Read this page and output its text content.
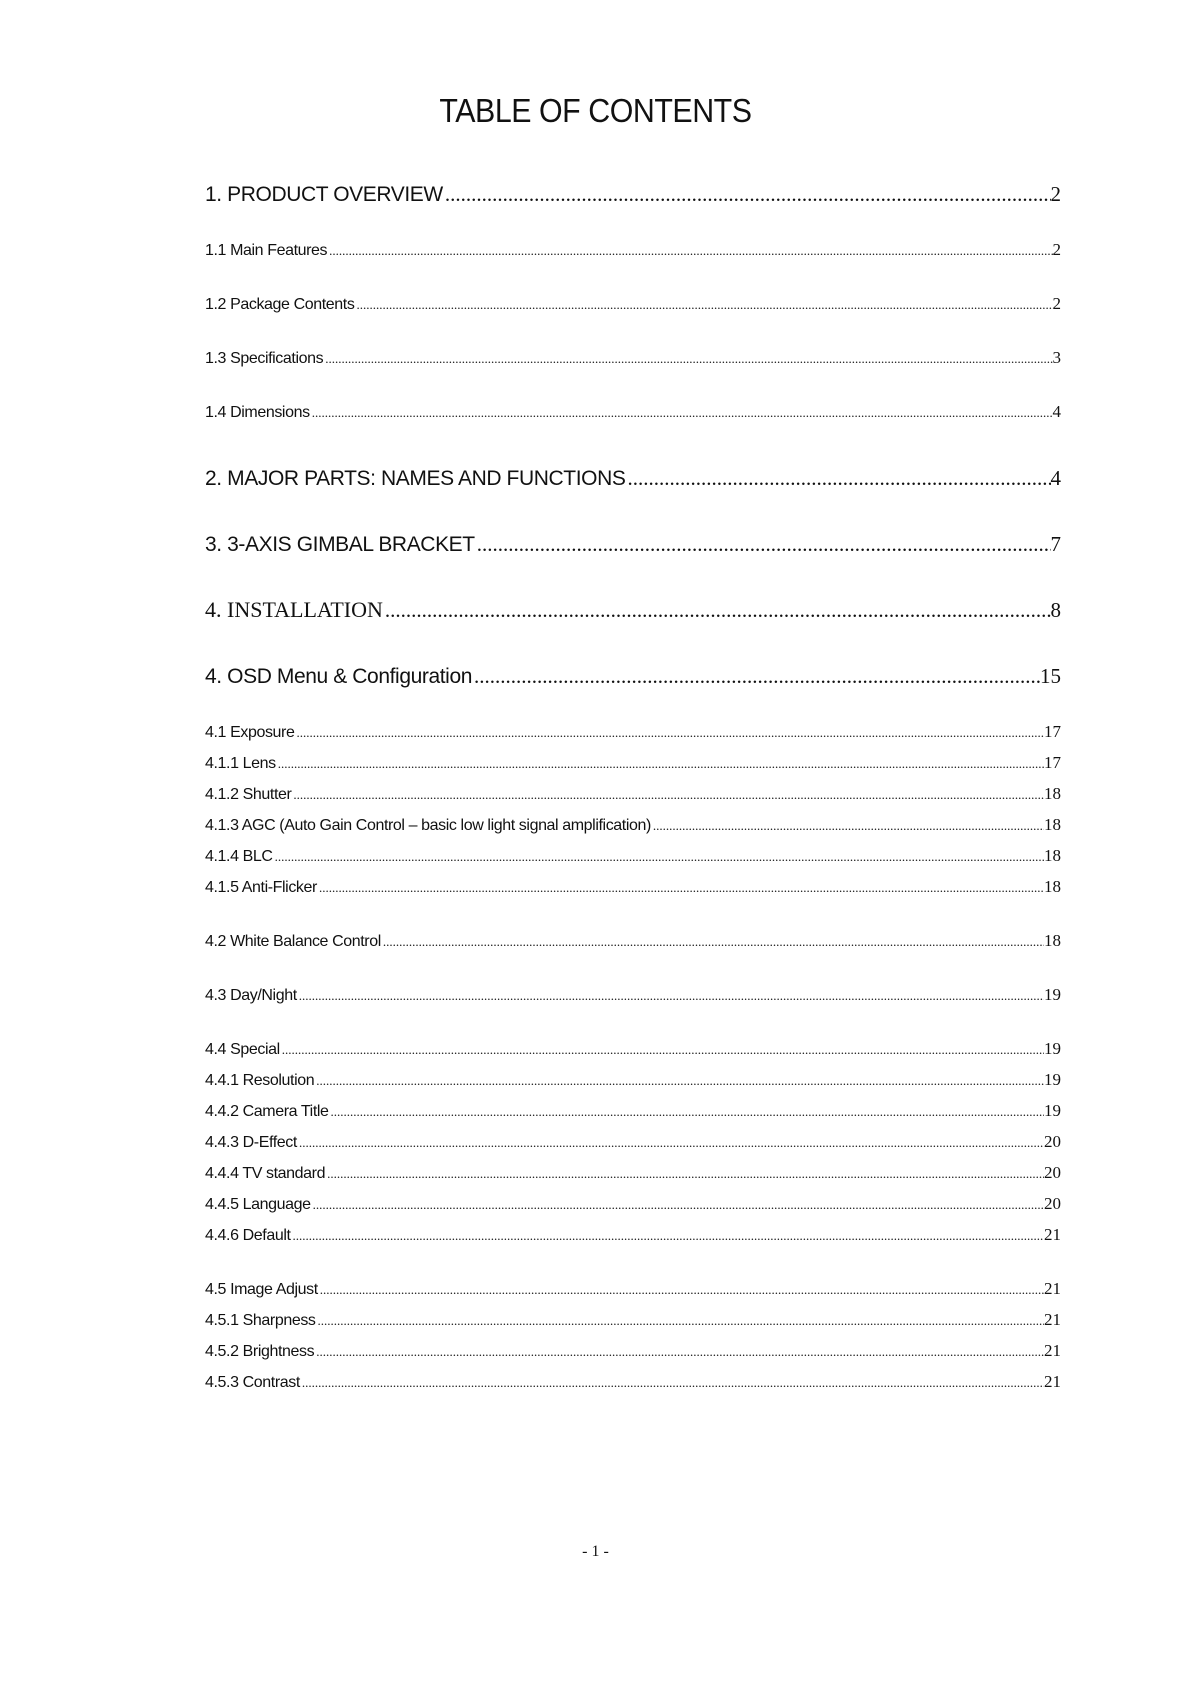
TABLE OF CONTENTS
1. PRODUCT OVERVIEW .....	2
1.1 Main Features .....	2
1.2 Package Contents .....	2
1.3 Specifications .....	3
1.4 Dimensions .....	4
2. MAJOR PARTS: NAMES AND FUNCTIONS .....	4
3. 3-AXIS GIMBAL BRACKET .....	7
4. INSTALLATION .....	8
4. OSD Menu & Configuration .....	15
4.1 Exposure .....	17
4.1.1 Lens .....	17
4.1.2 Shutter .....	18
4.1.3 AGC (Auto Gain Control – basic low light signal amplification) .....	18
4.1.4 BLC .....	18
4.1.5 Anti-Flicker .....	18
4.2 White Balance Control .....	18
4.3 Day/Night .....	19
4.4 Special .....	19
4.4.1 Resolution .....	19
4.4.2 Camera Title .....	19
4.4.3 D-Effect .....	20
4.4.4 TV standard .....	20
4.4.5 Language .....	20
4.4.6 Default .....	21
4.5 Image Adjust .....	21
4.5.1 Sharpness .....	21
4.5.2 Brightness .....	21
4.5.3 Contrast .....	21
- 1 -
